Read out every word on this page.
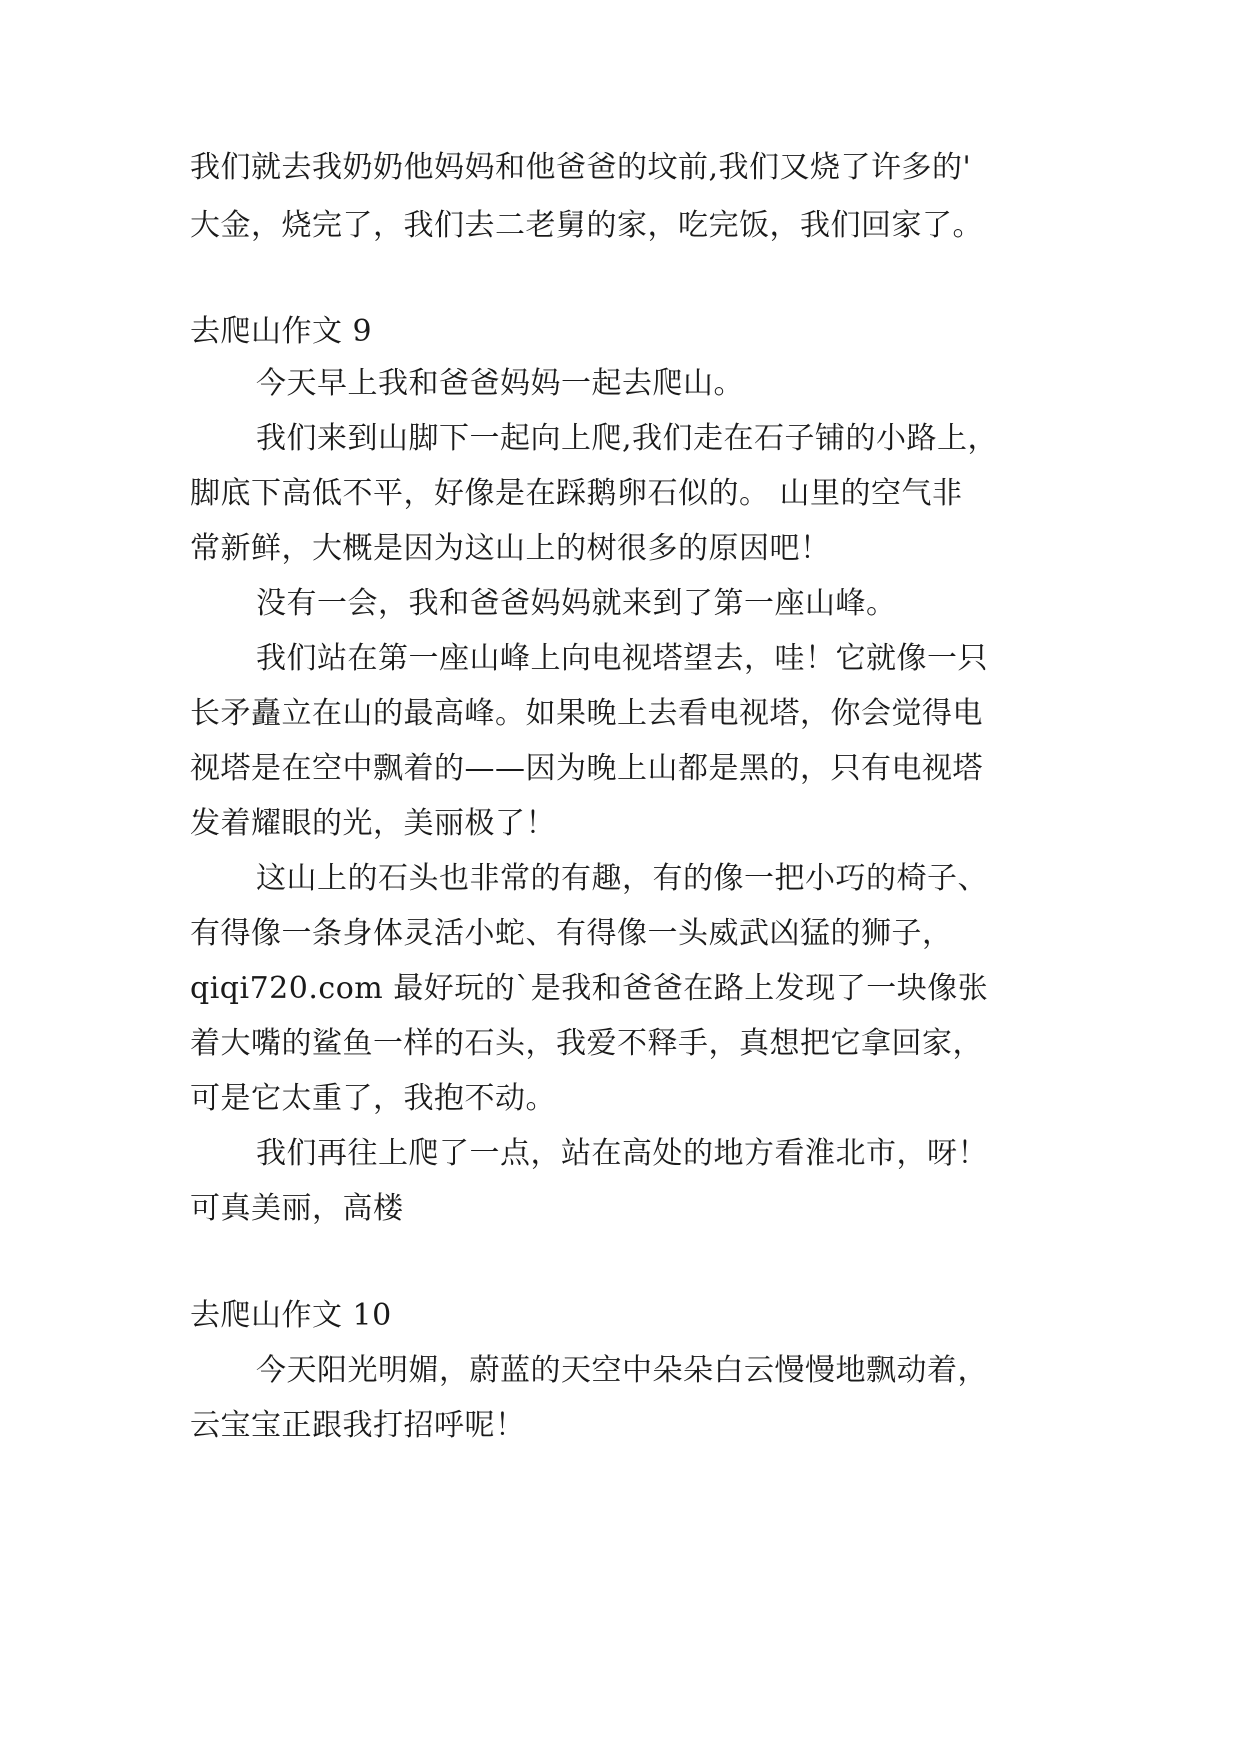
我们就去我奶奶他妈妈和他爸爸的坟前,我们又烧了许多的'
大金，烧完了，我们去二老舅的家，吃完饭，我们回家了。
去爬山作文 9
今天早上我和爸爸妈妈一起去爬山。
我们来到山脚下一起向上爬,我们走在石子铺的小路上，
脚底下高低不平，好像是在踩鹅卵石似的。 山里的空气非
常新鲜，大概是因为这山上的树很多的原因吧！
没有一会，我和爸爸妈妈就来到了第一座山峰。
我们站在第一座山峰上向电视塔望去，哇！它就像一只
长矛矗立在山的最高峰。如果晚上去看电视塔，你会觉得电
视塔是在空中飘着的——因为晚上山都是黑的，只有电视塔
发着耀眼的光，美丽极了！
这山上的石头也非常的有趣，有的像一把小巧的椅子、
有得像一条身体灵活小蛇、有得像一头威武凶猛的狮子，
qiqi720.com 最好玩的`是我和爸爸在路上发现了一块像张
着大嘴的鲨鱼一样的石头，我爱不释手，真想把它拿回家，
可是它太重了，我抱不动。
我们再往上爬了一点，站在高处的地方看淮北市，呀！
可真美丽，高楼
去爬山作文 10
今天阳光明媚，蔚蓝的天空中朵朵白云慢慢地飘动着，
云宝宝正跟我打招呼呢！
